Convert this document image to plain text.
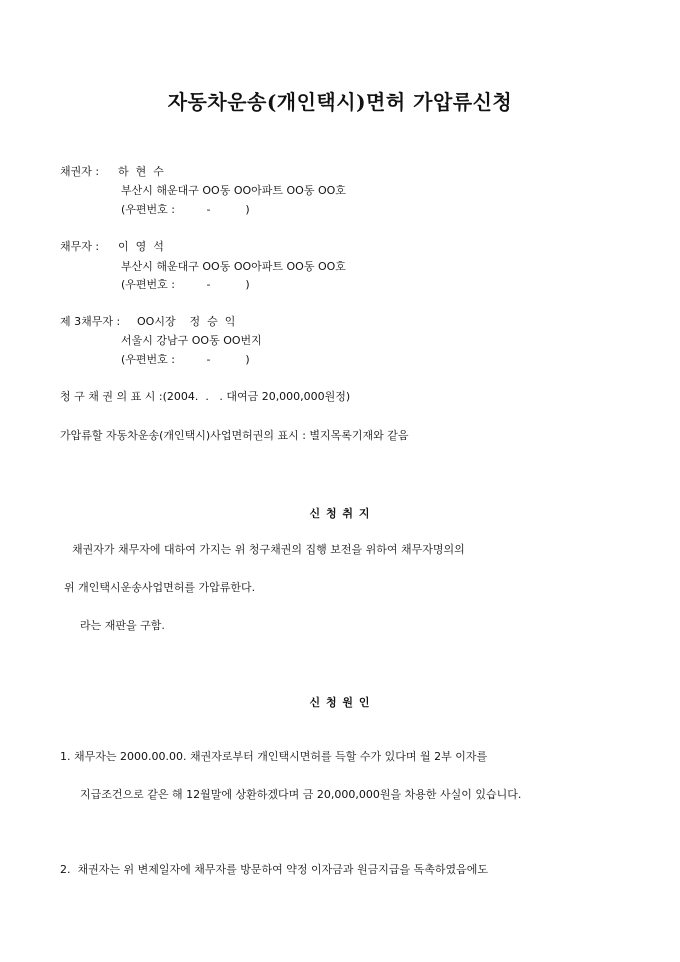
자동차운송(개인택시)면허 가압류신청
채권자 : 하  현  수
부산시 해운대구 OO동 OO아파트 OO동 OO호
(우편번호 :         -          )
채무자 : 이  영  석
부산시 해운대구 OO동 OO아파트 OO동 OO호
(우편번호 :         -          )
제 3채무자 : OO시장    정  승  익
서울시 강남구 OO동 OO번지
(우편번호 :         -          )
청 구 채 권 의 표 시 :(2004.  .   . 대여금 20,000,000원정)
가압류할 자동차운송(개인택시)사업면허권의 표시 : 별지목록기재와 같음
신 청 취 지
채권자가 채무자에 대하여 가지는 위 청구채권의 집행 보전을 위하여 채무자명의의
위 개인택시운송사업면허를 가압류한다.
라는 재판을 구함.
신 청 원 인
1. 채무자는 2000.00.00. 채권자로부터 개인택시면허를 득할 수가 있다며 월 2부 이자를
지급조건으로 같은 해 12월말에 상환하겠다며 금 20,000,000원을 차용한 사실이 있습니다.
2.  채권자는 위 변제일자에 채무자를 방문하여 약정 이자금과 원금지급을 독촉하였음에도
